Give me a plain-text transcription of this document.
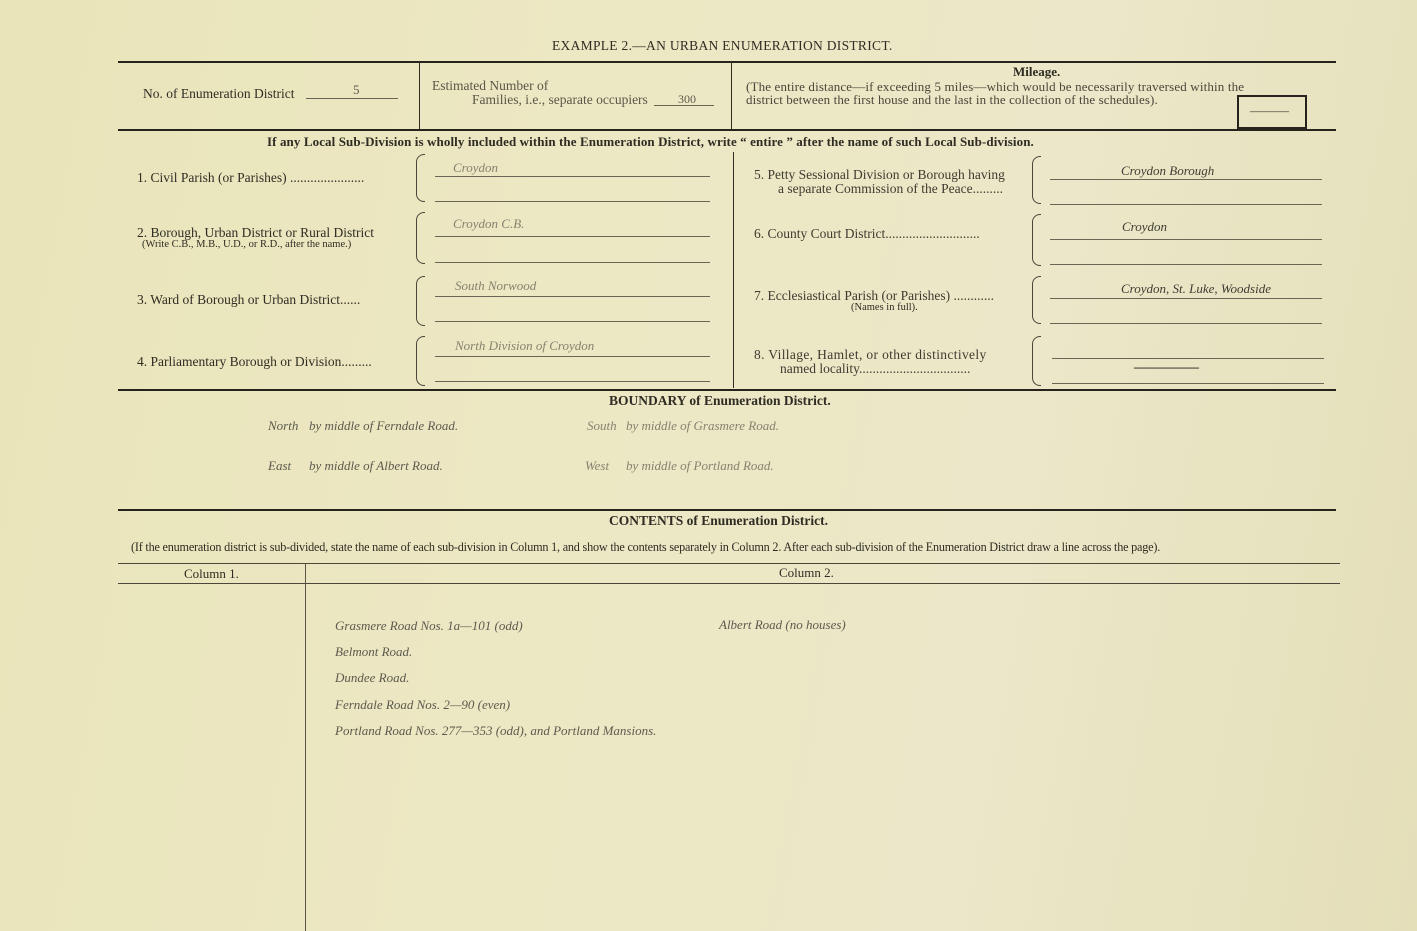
EXAMPLE 2.—AN URBAN ENUMERATION DISTRICT.
No. of Enumeration District	5	Estimated Number of
Families, i.e., separate occupiers	300
Mileage.
(The entire distance—if exceeding 5 miles—which would be necessarily traversed within the
district between the first house and the last in the collection of the schedules).
———
If any Local Sub-Division is wholly included within the Enumeration District, write “ entire ” after the name of such Local Sub-division.
1. Civil Parish (or Parishes) ......................
Croydon
2. Borough, Urban District or Rural District
(Write C.B., M.B., U.D., or R.D., after the name.)
Croydon C.B.
3. Ward of Borough or Urban District......
South Norwood
4. Parliamentary Borough or Division.........
North Division of Croydon
5. Petty Sessional Division or Borough having
a separate Commission of the Peace.........
Croydon Borough
6. County Court District............................	Croydon
7. Ecclesiastical Parish (or Parishes) ............
(Names in full).
Croydon, St. Luke, Woodside
8. Village, Hamlet, or other distinctively
named locality.................................	—————
BOUNDARY of Enumeration District.
North by middle of Ferndale Road.	South by middle of Grasmere Road.
East by middle of Albert Road.	West by middle of Portland Road.
CONTENTS of Enumeration District.
(If the enumeration district is sub-divided, state the name of each sub-division in Column 1, and show the contents separately in Column 2. After each sub-division of the Enumeration District draw a line across the page).
Column 1.	Column 2.
Grasmere Road Nos. 1a—101 (odd)
Belmont Road.
Dundee Road.
Ferndale Road Nos. 2—90 (even)
Portland Road Nos. 277—353 (odd), and Portland Mansions.
Albert Road (no houses)
